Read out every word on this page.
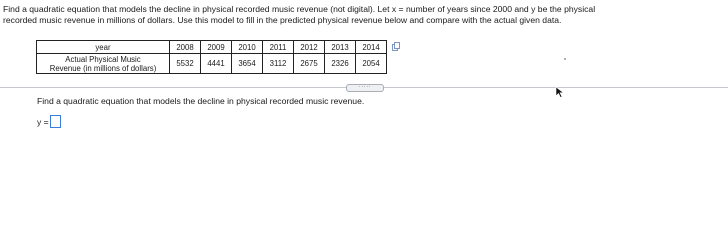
Find a quadratic equation that models the decline in physical recorded music revenue (not digital). Let x = number of years since 2000 and y be the physical
recorded music revenue in millions of dollars. Use this model to fill in the predicted physical revenue below and compare with the actual given data.
year	2008	2009	2010	2011	2012	2013	2014

Actual Physical Music
Revenue (in millions of dollars)	5532	4441	3654	3112	2675	2326	2054
·····
Find a quadratic equation that models the decline in physical recorded music revenue.
y =
